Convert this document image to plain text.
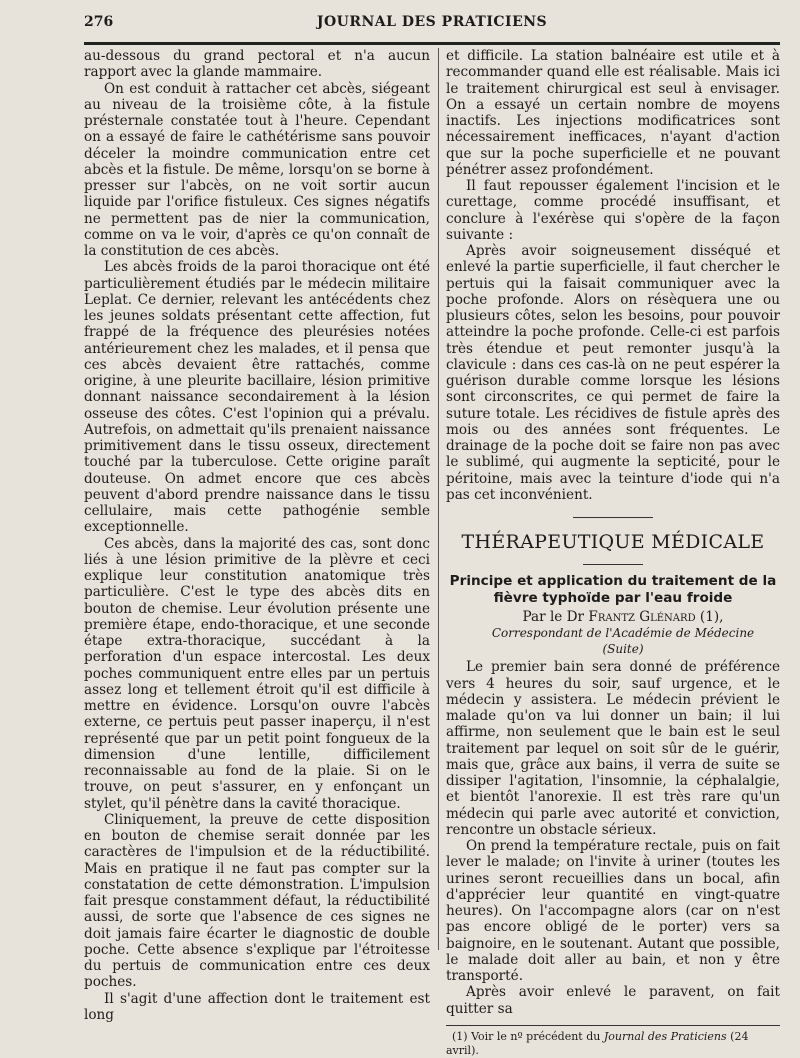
276	JOURNAL DES PRATICIENS

au-dessous du grand pectoral et n'a aucun rapport avec la glande mammaire.

On est conduit à rattacher cet abcès, siégeant au niveau de la troisième côte, à la fistule présternale constatée tout à l'heure. Cependant on a essayé de faire le cathétérisme sans pouvoir déceler la moindre communication entre cet abcès et la fistule. De même, lorsqu'on se borne à presser sur l'abcès, on ne voit sortir aucun liquide par l'orifice fistuleux. Ces signes négatifs ne permettent pas de nier la communication, comme on va le voir, d'après ce qu'on connaît de la constitution de ces abcès.

Les abcès froids de la paroi thoracique ont été particulièrement étudiés par le médecin militaire Leplat. Ce dernier, relevant les antécédents chez les jeunes soldats présentant cette affection, fut frappé de la fréquence des pleurésies notées antérieurement chez les malades, et il pensa que ces abcès devaient être rattachés, comme origine, à une pleurite bacillaire, lésion primitive donnant naissance secondairement à la lésion osseuse des côtes. C'est l'opinion qui a prévalu. Autrefois, on admettait qu'ils prenaient naissance primitivement dans le tissu osseux, directement touché par la tuberculose. Cette origine paraît douteuse. On admet encore que ces abcès peuvent d'abord prendre naissance dans le tissu cellulaire, mais cette pathogénie semble exceptionnelle.

Ces abcès, dans la majorité des cas, sont donc liés à une lésion primitive de la plèvre et ceci explique leur constitution anatomique très particulière. C'est le type des abcès dits en bouton de chemise. Leur évolution présente une première étape, endo-thoracique, et une seconde étape extra-thoracique, succédant à la perforation d'un espace intercostal. Les deux poches communiquent entre elles par un pertuis assez long et tellement étroit qu'il est difficile à mettre en évidence. Lorsqu'on ouvre l'abcès externe, ce pertuis peut passer inaperçu, il n'est représenté que par un petit point fongueux de la dimension d'une lentille, difficilement reconnaissable au fond de la plaie. Si on le trouve, on peut s'assurer, en y enfonçant un stylet, qu'il pénètre dans la cavité thoracique.

Cliniquement, la preuve de cette disposition en bouton de chemise serait donnée par les caractères de l'impulsion et de la réductibilité. Mais en pratique il ne faut pas compter sur la constatation de cette démonstration. L'impulsion fait presque constamment défaut, la réductibilité aussi, de sorte que l'absence de ces signes ne doit jamais faire écarter le diagnostic de double poche. Cette absence s'explique par l'étroitesse du pertuis de communication entre ces deux poches.

Il s'agit d'une affection dont le traitement est long

et difficile. La station balnéaire est utile et à recommander quand elle est réalisable. Mais ici le traitement chirurgical est seul à envisager. On a essayé un certain nombre de moyens inactifs. Les injections modificatrices sont nécessairement inefficaces, n'ayant d'action que sur la poche superficielle et ne pouvant pénétrer assez profondément.

Il faut repousser également l'incision et le curettage, comme procédé insuffisant, et conclure à l'exérèse qui s'opère de la façon suivante :

Après avoir soigneusement disséqué et enlevé la partie superficielle, il faut chercher le pertuis qui la faisait communiquer avec la poche profonde. Alors on résèquera une ou plusieurs côtes, selon les besoins, pour pouvoir atteindre la poche profonde. Celle-ci est parfois très étendue et peut remonter jusqu'à la clavicule : dans ces cas-là on ne peut espérer la guérison durable comme lorsque les lésions sont circonscrites, ce qui permet de faire la suture totale. Les récidives de fistule après des mois ou des années sont fréquentes. Le drainage de la poche doit se faire non pas avec le sublimé, qui augmente la septicité, pour le péritoine, mais avec la teinture d'iode qui n'a pas cet inconvénient.

THÉRAPEUTIQUE MÉDICALE
Principe et application du traitement de la fièvre typhoïde par l'eau froide

Par le Dr Frantz Glénard (1),

Correspondant de l'Académie de Médecine

(Suite)

Le premier bain sera donné de préférence vers 4 heures du soir, sauf urgence, et le médecin y assistera. Le médecin prévient le malade qu'on va lui donner un bain; il lui affirme, non seulement que le bain est le seul traitement par lequel on soit sûr de le guérir, mais que, grâce aux bains, il verra de suite se dissiper l'agitation, l'insomnie, la céphalalgie, et bientôt l'anorexie. Il est très rare qu'un médecin qui parle avec autorité et conviction, rencontre un obstacle sérieux.

On prend la température rectale, puis on fait lever le malade; on l'invite à uriner (toutes les urines seront recueillies dans un bocal, afin d'apprécier leur quantité en vingt-quatre heures). On l'accompagne alors (car on n'est pas encore obligé de le porter) vers sa baignoire, en le soutenant. Autant que possible, le malade doit aller au bain, et non y être transporté.

Après avoir enlevé le paravent, on fait quitter sa

(1) Voir le nº précédent du Journal des Praticiens (24 avril).
